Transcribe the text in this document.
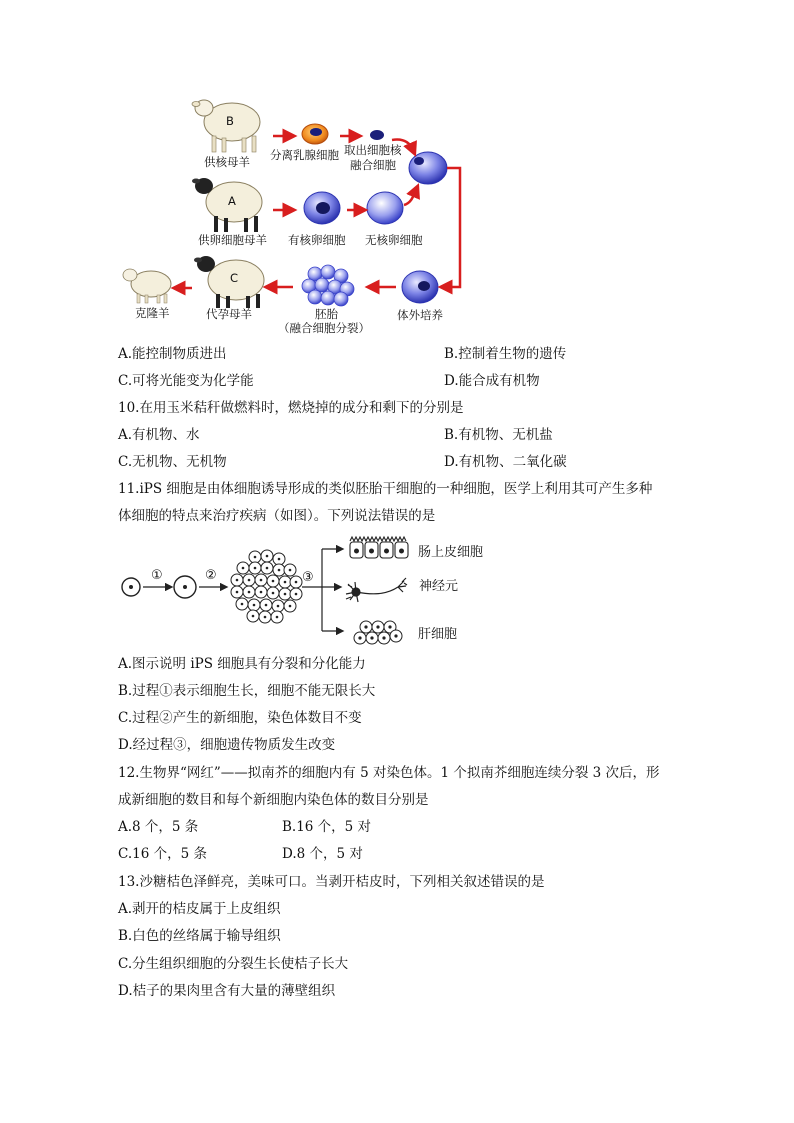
B
A
C
供核母羊 分离乳腺细胞 取出细胞核
融合细胞
供卵细胞母羊 有核卵细胞 无核卵细胞
克隆羊	代孕母羊	胚胎
（融合细胞分裂）
体外培养
A.能控制物质进出	B.控制着生物的遗传
C.可将光能变为化学能	D.能合成有机物
10.在用玉米秸秆做燃料时，燃烧掉的成分和剩下的分别是
A.有机物、水	B.有机物、无机盐
C.无机物、无机物	D.有机物、二氧化碳
11.iPS 细胞是由体细胞诱导形成的类似胚胎干细胞的一种细胞，医学上利用其可产生多种
体细胞的特点来治疗疾病（如图）。下列说法错误的是
①	②	③
肠上皮细胞
神经元
肝细胞
A.图示说明 iPS 细胞具有分裂和分化能力
B.过程①表示细胞生长，细胞不能无限长大
C.过程②产生的新细胞，染色体数目不变
D.经过程③，细胞遗传物质发生改变
12.生物界“网红”——拟南芥的细胞内有 5 对染色体。1 个拟南芥细胞连续分裂 3 次后，形
成新细胞的数目和每个新细胞内染色体的数目分别是
A.8 个，5 条	B.16 个，5 对
C.16 个，5 条	D.8 个，5 对
13.沙糖桔色泽鲜亮，美味可口。当剥开桔皮时，下列相关叙述错误的是
A.剥开的桔皮属于上皮组织
B.白色的丝络属于输导组织
C.分生组织细胞的分裂生长使桔子长大
D.桔子的果肉里含有大量的薄壁组织
